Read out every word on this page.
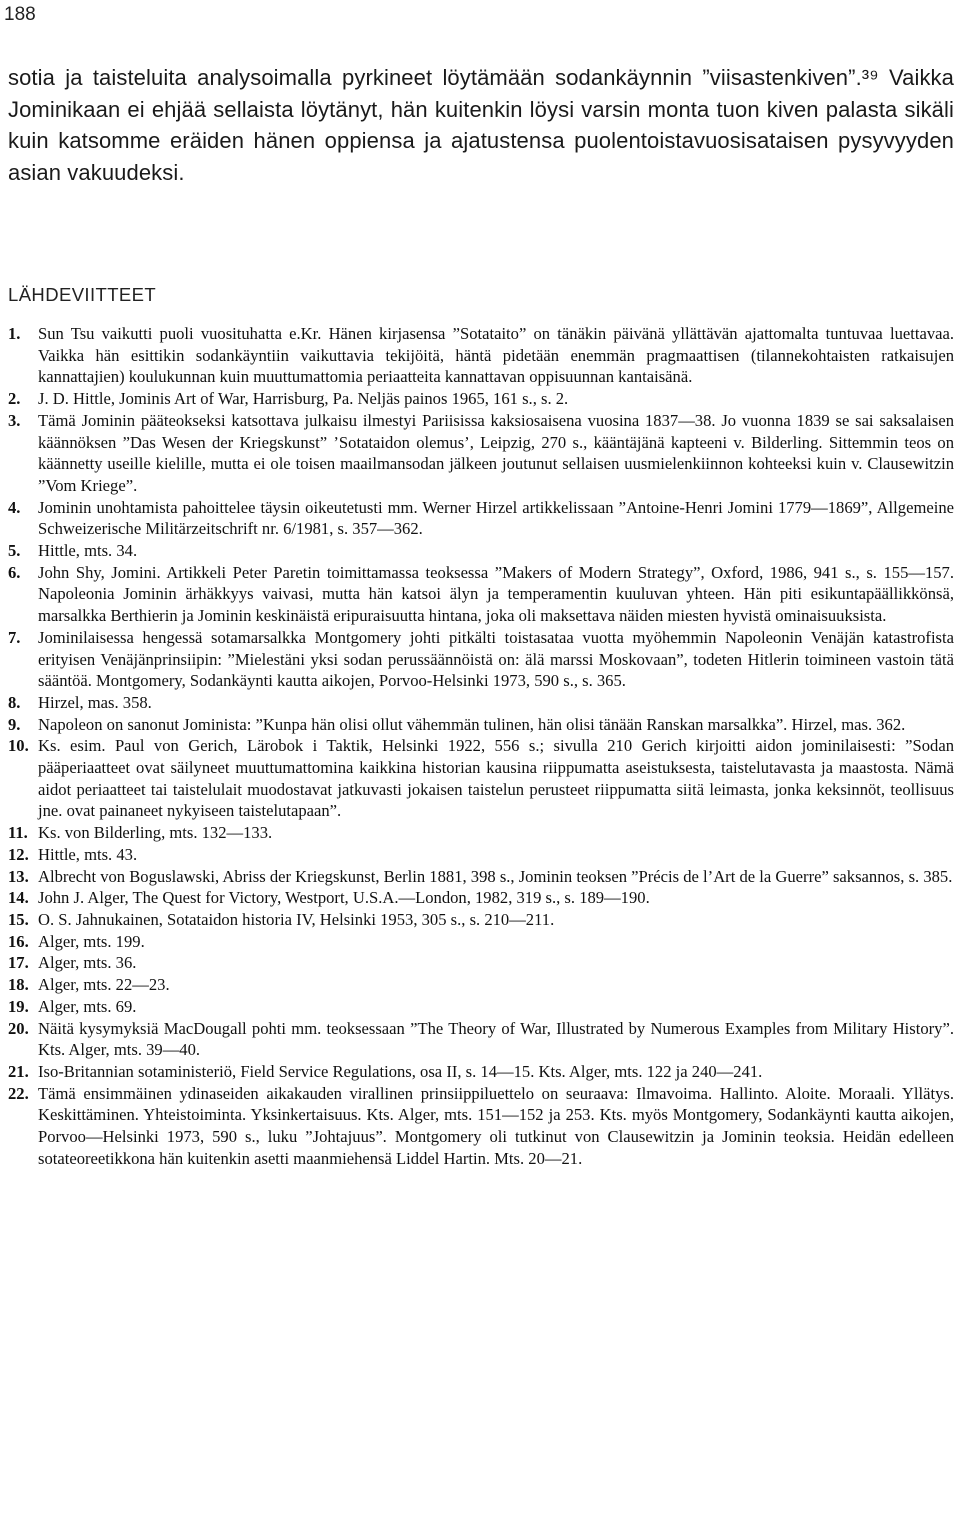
188
sotia ja taisteluita analysoimalla pyrkineet löytämään sodankäynnin ”viisastenkiven”.³⁹ Vaikka Jominikaan ei ehjää sellaista löytänyt, hän kuitenkin löysi varsin monta tuon kiven palasta sikäli kuin katsomme eräiden hänen oppiensa ja ajatustensa puolentoistavuosisataisen pysyvyyden asian vakuudeksi.
LÄHDEVIITTEET
1.	Sun Tsu vaikutti puoli vuosituhatta e.Kr. Hänen kirjasensa ”Sotataito” on tänäkin päivänä yllättävän ajattomalta tuntuvaa luettavaa. Vaikka hän esittikin sodankäyntiin vaikuttavia tekijöitä, häntä pidetään enemmän pragmaattisen (tilannekohtaisten ratkaisujen kannattajien) koulukunnan kuin muuttumattomia periaatteita kannattavan oppisuunnan kantaisänä.
2.	J. D. Hittle, Jominis Art of War, Harrisburg, Pa. Neljäs painos 1965, 161 s., s. 2.
3.	Tämä Jominin pääteokseksi katsottava julkaisu ilmestyi Pariisissa kaksiosaisena vuosina 1837—38. Jo vuonna 1839 se sai saksalaisen käännöksen ”Das Wesen der Kriegskunst” ’Sotataidon olemus’, Leipzig, 270 s., kääntäjänä kapteeni v. Bilderling. Sittemmin teos on käännetty useille kielille, mutta ei ole toisen maailmansodan jälkeen joutunut sellaisen uusmielenkiinnon kohteeksi kuin v. Clausewitzin ”Vom Kriege”.
4.	Jominin unohtamista pahoittelee täysin oikeutetusti mm. Werner Hirzel artikkelissaan ”Antoine-Henri Jomini 1779—1869”, Allgemeine Schweizerische Militärzeitschrift nr. 6/1981, s. 357—362.
5.	Hittle, mts. 34.
6.	John Shy, Jomini. Artikkeli Peter Paretin toimittamassa teoksessa ”Makers of Modern Strategy”, Oxford, 1986, 941 s., s. 155—157. Napoleonia Jominin ärhäkkyys vaivasi, mutta hän katsoi älyn ja temperamentin kuuluvan yhteen. Hän piti esikuntapäällikkönsä, marsalkka Berthierin ja Jominin keskinäistä eripuraisuutta hintana, joka oli maksettava näiden miesten hyvistä ominaisuuksista.
7.	Jominilaisessa hengessä sotamarsalkka Montgomery johti pitkälti toistasataa vuotta myöhemmin Napoleonin Venäjän katastrofista erityisen Venäjänprinsiipin: ”Mielestäni yksi sodan perussäännöistä on: älä marssi Moskovaan”, todeten Hitlerin toimineen vastoin tätä sääntöä. Montgomery, Sodankäynti kautta aikojen, Porvoo-Helsinki 1973, 590 s., s. 365.
8.	Hirzel, mas. 358.
9.	Napoleon on sanonut Jominista: ”Kunpa hän olisi ollut vähemmän tulinen, hän olisi tänään Ranskan marsalkka”. Hirzel, mas. 362.
10. Ks. esim. Paul von Gerich, Lärobok i Taktik, Helsinki 1922, 556 s.; sivulla 210 Gerich kirjoitti aidon jominilaisesti: ”Sodan pääperiaatteet ovat säilyneet muuttumattomina kaikkina historian kausina riippumatta aseistuksesta, taistelutavasta ja maastosta. Nämä aidot periaatteet tai taistelulait muodostavat jatkuvasti jokaisen taistelun perusteet riippumatta siitä leimasta, jonka keksinnöt, teollisuus jne. ovat painaneet nykyiseen taistelutapaan”.
11. Ks. von Bilderling, mts. 132—133.
12. Hittle, mts. 43.
13. Albrecht von Boguslawski, Abriss der Kriegskunst, Berlin 1881, 398 s., Jominin teoksen ”Précis de l’Art de la Guerre” saksannos, s. 385.
14. John J. Alger, The Quest for Victory, Westport, U.S.A.—London, 1982, 319 s., s. 189—190.
15. O. S. Jahnukainen, Sotataidon historia IV, Helsinki 1953, 305 s., s. 210—211.
16. Alger, mts. 199.
17. Alger, mts. 36.
18. Alger, mts. 22—23.
19. Alger, mts. 69.
20. Näitä kysymyksiä MacDougall pohti mm. teoksessaan ”The Theory of War, Illustrated by Numerous Examples from Military History”. Kts. Alger, mts. 39—40.
21. Iso-Britannian sotaministeriö, Field Service Regulations, osa II, s. 14—15. Kts. Alger, mts. 122 ja 240—241.
22. Tämä ensimmäinen ydinaseiden aikakauden virallinen prinsiippiluettelo on seuraava: Ilmavoima. Hallinto. Aloite. Moraali. Yllätys. Keskittäminen. Yhteistoiminta. Yksinkertaisuus. Kts. Alger, mts. 151—152 ja 253. Kts. myös Montgomery, Sodankäynti kautta aikojen, Porvoo—Helsinki 1973, 590 s., luku ”Johtajuus”. Montgomery oli tutkinut von Clausewitzin ja Jominin teoksia. Heidän edelleen sotateoreetikkona hän kuitenkin asetti maanmiehensä Liddel Hartin. Mts. 20—21.
